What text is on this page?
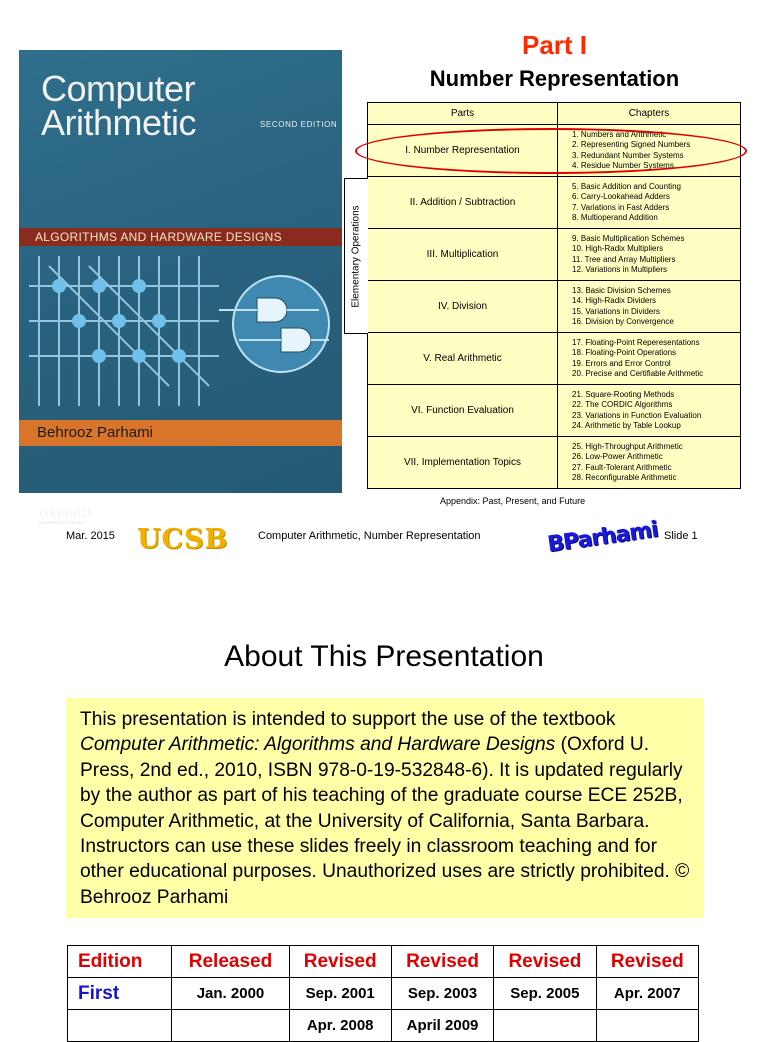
Computer
Arithmetic	SECOND EDITION
ALGORITHMS AND HARDWARE DESIGNS
Behrooz Parhami
OXFORD
UNIVERSITY PRESS
Part I
Number Representation
Parts	Chapters
I. Number Representation	1. Numbers and Arithmetic
2. Representing Signed Numbers
3. Redundant Number Systems
4. Residue Number Systems

II. Addition / Subtraction	5. Basic Addition and Counting
6. Carry-Lookahead Adders
7. Variations in Fast Adders
8. Multioperand Addition

III. Multiplication	9. Basic Multiplication Schemes
10. High-Radix Multipliers
11. Tree and Array Multipliers
12. Variations in Multipliers

IV. Division	13. Basic Division Schemes
14. High-Radix Dividers
15. Variations in Dividers
16. Division by Convergence

V. Real Arithmetic	17. Floating-Point Reperesentations
18. Floating-Point Operations
19. Errors and Error Control
20. Precise and Certifiable Arithmetic

VI. Function Evaluation	21. Square-Rooting Methods
22. The CORDIC Algorithms
23. Variations in Function Evaluation
24. Arithmetic by Table Lookup

VII. Implementation Topics	25. High-Throughput Arithmetic
26. Low-Power Arithmetic
27. Fault-Tolerant Arithmetic
28. Reconfigurable Arithmetic
Elementary Operations
Appendix: Past, Present, and Future
Mar. 2015 UCSB	Computer Arithmetic, Number Representation	BParhami Slide 1
About This Presentation
This presentation is intended to support the use of the textbook Computer Arithmetic: Algorithms and Hardware Designs (Oxford U. Press, 2nd ed., 2010, ISBN 978-0-19-532848-6). It is updated regularly by the author as part of his teaching of the graduate course ECE 252B, Computer Arithmetic, at the University of California, Santa Barbara. Instructors can use these slides freely in classroom teaching and for other educational purposes. Unauthorized uses are strictly prohibited. © Behrooz Parhami
Edition	Released	Revised	Revised	Revised	Revised
First	Jan. 2000	Sep. 2001	Sep. 2003	Sep. 2005	Apr. 2007
		Apr. 2008	April 2009		
